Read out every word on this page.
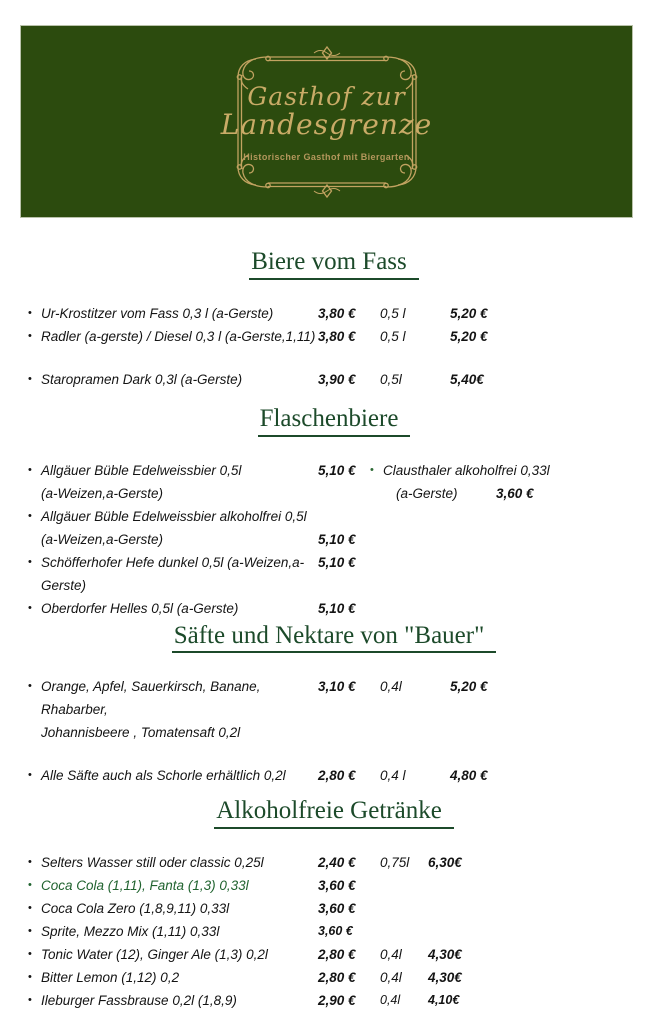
Gasthof zur
Landesgrenze
Historischer Gasthof mit Biergarten
Biere vom Fass
• Ur-Krostitzer vom Fass 0,3 l (a-Gerste)	3,80 €	0,5 l	5,20 €
• Radler (a-gerste) / Diesel 0,3 l (a-Gerste,1,11) 3,80 €	0,5 l	5,20 €
• Staropramen Dark 0,3l (a-Gerste)	3,90 €	0,5l	5,40€
Flaschenbiere
• Allgäuer Büble Edelweissbier 0,5l	5,10 €
(a-Weizen,a-Gerste)
• Allgäuer Büble Edelweissbier alkoholfrei 0,5l
(a-Weizen,a-Gerste)	5,10 €
• Schöfferhofer Hefe dunkel 0,5l (a-Weizen,a-Gerste)
5,10 €
• Oberdorfer Helles 0,5l (a-Gerste)	5,10 €
• Clausthaler alkoholfrei 0,33l
(a-Gerste)	3,60 €
Säfte und Nektare von "Bauer"
• Orange, Apfel, Sauerkirsch, Banane, Rhabarber,
Johannisbeere , Tomatensaft 0,2l
3,10 €	0,4l	5,20 €
• Alle Säfte auch als Schorle erhältlich 0,2l 2,80 €	0,4 l	4,80 €
Alkoholfreie Getränke
• Selters Wasser still oder classic 0,25l	2,40 €	0,75l	6,30€
• Coca Cola (1,11), Fanta (1,3) 0,33l	3,60 €
• Coca Cola Zero (1,8,9,11) 0,33l	3,60 €
• Sprite, Mezzo Mix (1,11) 0,33l	3,60 €
• Tonic Water (12), Ginger Ale (1,3) 0,2l	2,80 €	0,4l	4,30€
• Bitter Lemon (1,12) 0,2	2,80 €	0,4l	4,30€
• Ileburger Fassbrause 0,2l (1,8,9)	2,90 €	0,4l	4,10€
